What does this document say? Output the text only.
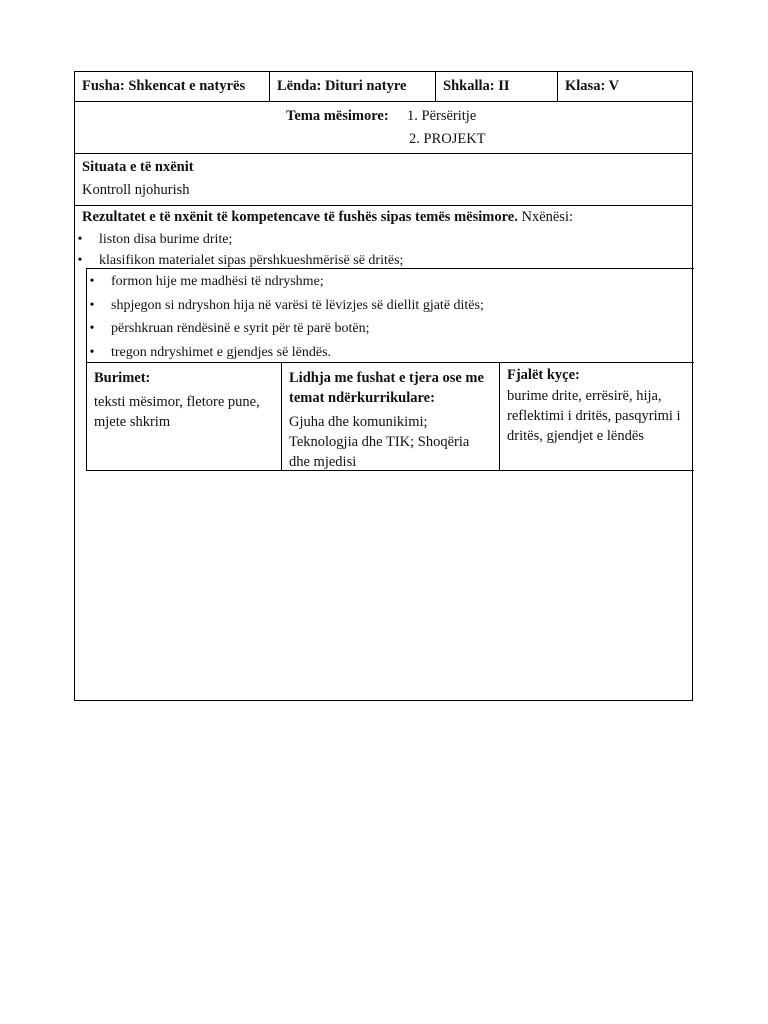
Fusha: Shkencat e natyrës	Lënda: Dituri natyre	Shkalla: II	Klasa: V
Tema mësimore: 1. Përsëritje
2. PROJEKT
Situata e të nxënit
Kontroll njohurish
Rezultatet e të nxënit të kompetencave të fushës sipas temës mësimore. Nxënësi:
• liston disa burime drite;
• klasifikon materialet sipas përshkueshmërisë së dritës;
• formon hije me madhësi të ndryshme;
• shpjegon si ndryshon hija në varësi të lëvizjes së diellit gjatë ditës;
• përshkruan rëndësinë e syrit për të parë botën;
• tregon ndryshimet e gjendjes së lëndës.
Burimet:
teksti mësimor, fletore pune, mjete shkrim
Lidhja me fushat e tjera ose me temat ndërkurrikulare:
Gjuha dhe komunikimi; Teknologjia dhe TIK; Shoqëria dhe mjedisi
Fjalët kyçe:
burime drite, errësirë, hija, reflektimi i dritës, pasqyrimi i dritës, gjendjet e lëndës
